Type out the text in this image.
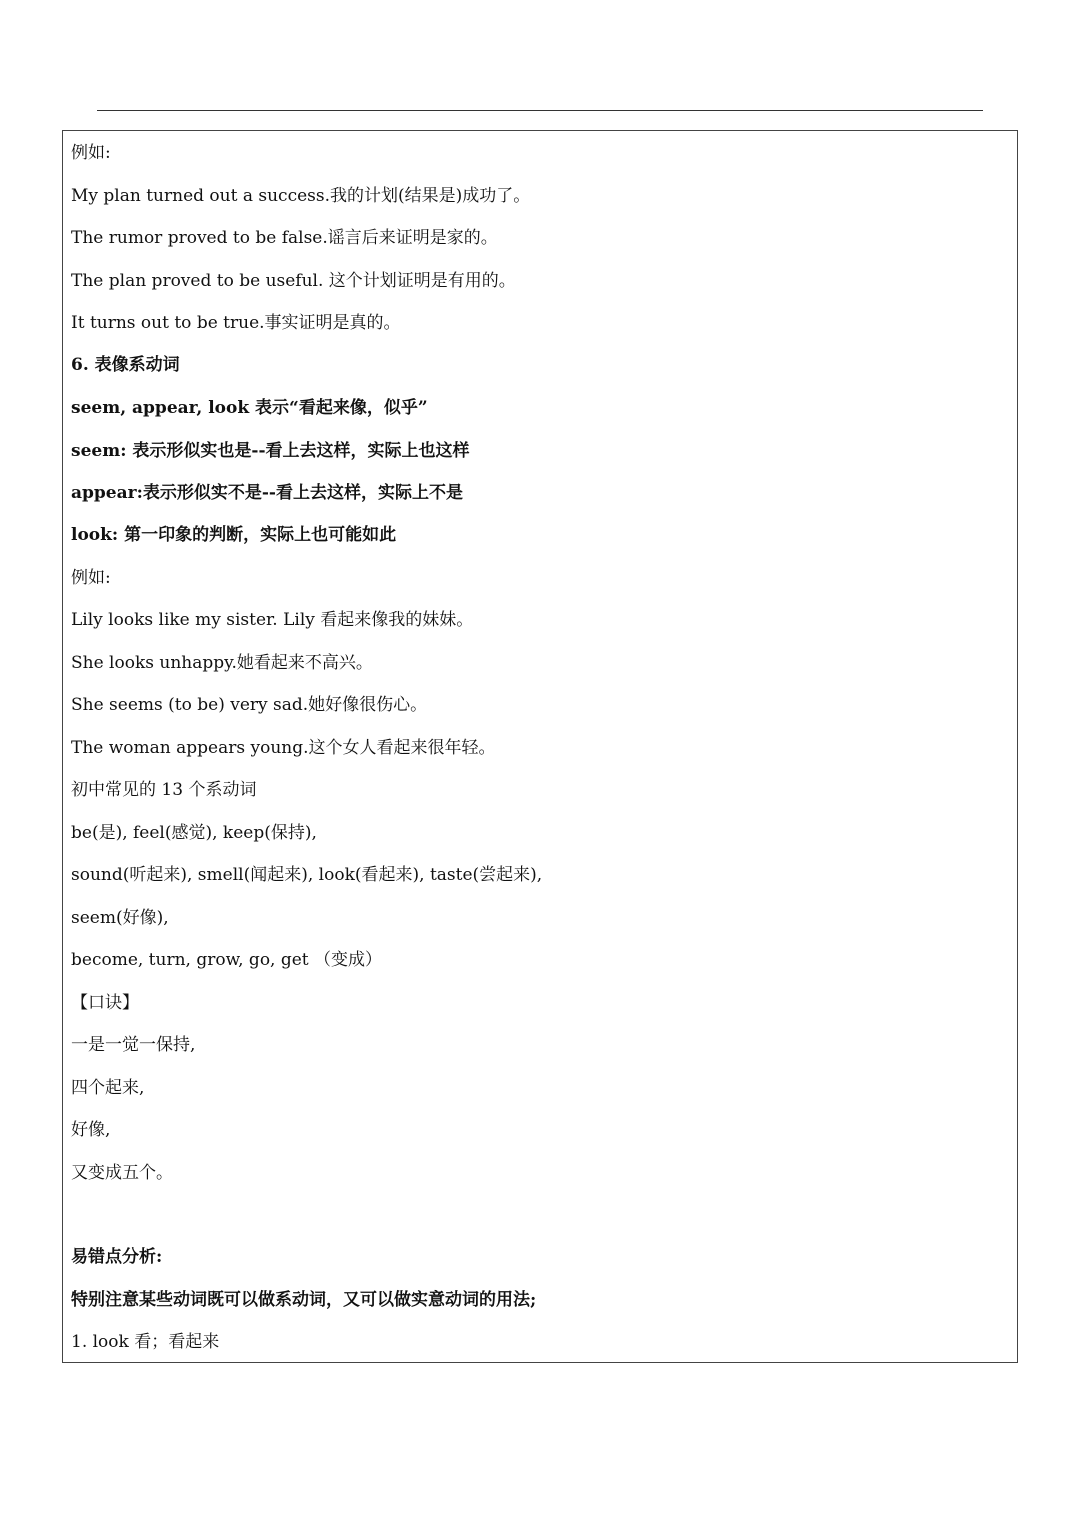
例如:
My plan turned out a success.我的计划(结果是)成功了。
The rumor proved to be false.谣言后来证明是家的。
The plan proved to be useful. 这个计划证明是有用的。
It turns out to be true.事实证明是真的。
6. 表像系动词
seem, appear, look 表示“看起来像，似乎”
seem: 表示形似实也是--看上去这样，实际上也这样
appear:表示形似实不是--看上去这样，实际上不是
look: 第一印象的判断，实际上也可能如此
例如:
Lily looks like my sister. Lily 看起来像我的妹妹。
She looks unhappy.她看起来不高兴。
She seems (to be) very sad.她好像很伤心。
The woman appears young.这个女人看起来很年轻。
初中常见的 13 个系动词
be(是), feel(感觉), keep(保持),
sound(听起来), smell(闻起来), look(看起来), taste(尝起来),
seem(好像),
become, turn, grow, go, get （变成）
【口诀】
一是一觉一保持,
四个起来,
好像,
又变成五个。
易错点分析:
特别注意某些动词既可以做系动词，又可以做实意动词的用法;
1. look 看；看起来
